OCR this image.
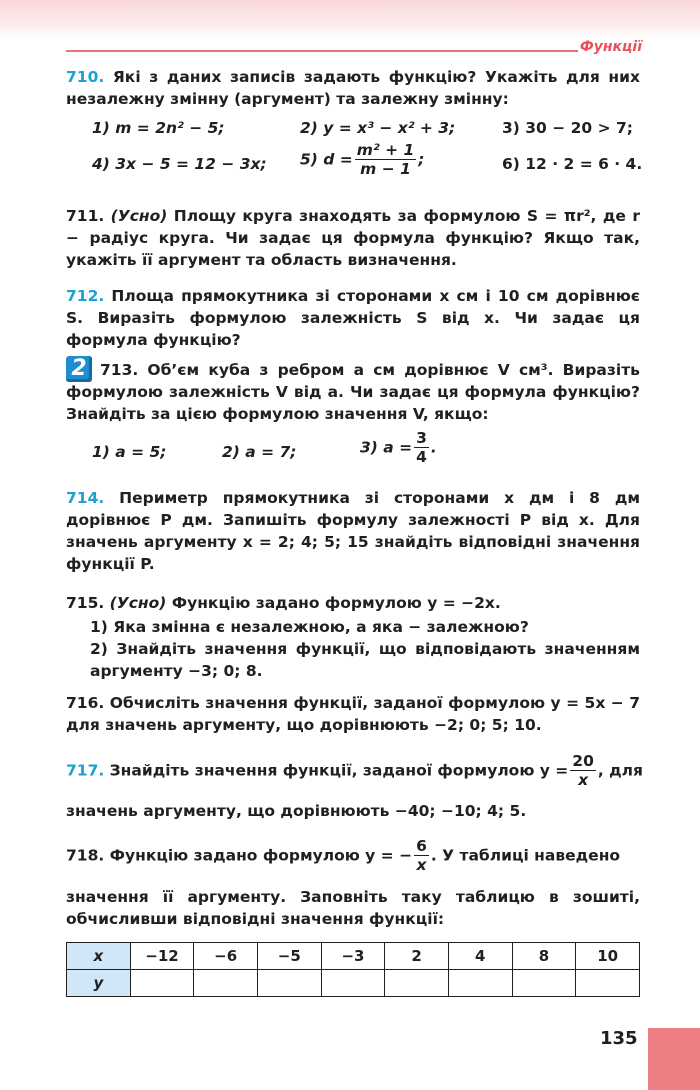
Функції
710. Які з даних записів задають функцію? Укажіть для них незалежну змінну (аргумент) та залежну змінну:
1) m = 2n² − 5;	2) y = x³ − x² + 3;	3) 30 − 20 > 7;
4) 3x − 5 = 12 − 3x; 5) $d = \frac{\text{m² + 1}}{m - 1}$ ;	6) 12 · 2 = 6 · 4.
711. (Усно) Площу круга знаходять за формулою S = πr², де r − радіус круга. Чи задає ця формула функцію? Якщо так, укажіть її аргумент та область визначення.
712. Площа прямокутника зі сторонами x см і 10 см дорівнює S. Виразіть формулою залежність S від x. Чи задає ця формула функцію?
2 713. Об’єм куба з ребром a см дорівнює V см³. Виразіть формулою залежність V від a. Чи задає ця формула функцію? Знайдіть за цією формулою значення V, якщо:
1) a = 5;	2) a = 7;	3) $a = \frac{3}{4}$ .
714. Периметр прямокутника зі сторонами x дм і 8 дм дорівнює P дм. Запишіть формулу залежності P від x. Для значень аргументу x = 2; 4; 5; 15 знайдіть відповідні значення функції P.
715. (Усно) Функцію задано формулою y = −2x.
1) Яка змінна є незалежною, а яка − залежною?
2) Знайдіть значення функції, що відповідають значенням аргументу −3; 0; 8.
716. Обчисліть значення функції, заданої формулою y = 5x − 7 для значень аргументу, що дорівнюють −2; 0; 5; 10.
717. Знайдіть значення функції, заданої формулою $y = \frac{20}{x}$ , для
значень аргументу, що дорівнюють −40; −10; 4; 5.
718. Функцію задано формулою y = − $\frac{6}{x}$ . У таблиці наведено
значення її аргументу. Заповніть таку таблицю в зошиті, обчисливши відповідні значення функції:
x	−12	−6	−5	−3	2	4	8	10
y								
135
